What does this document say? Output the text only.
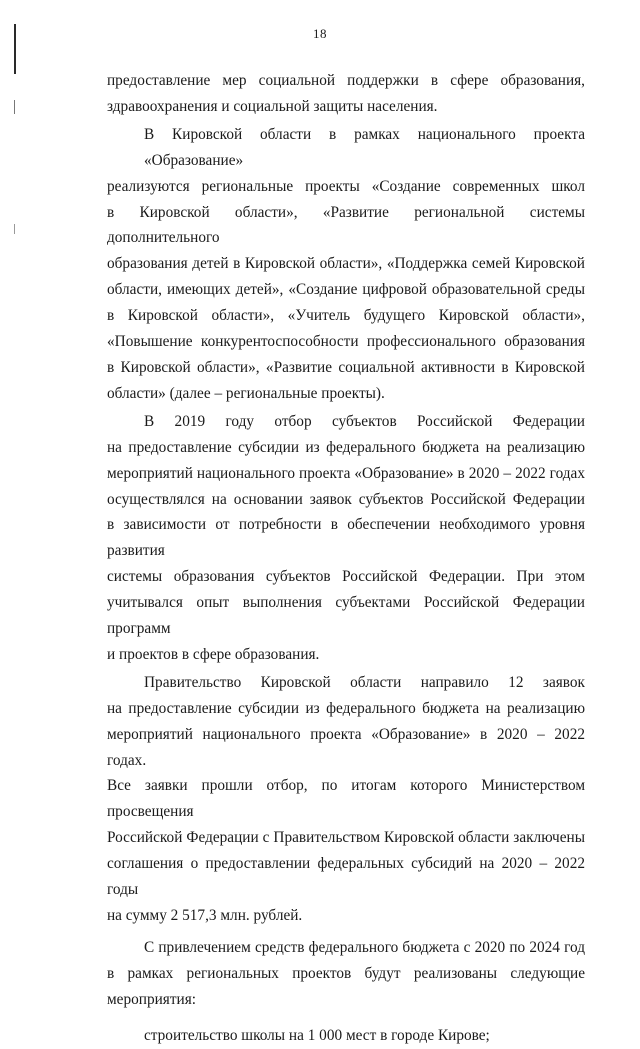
18

предоставление мер социальной поддержки в сфере образования,
здравоохранения и социальной защиты населения.

В Кировской области в рамках национального проекта «Образование»
реализуются региональные проекты «Создание современных школ
в Кировской области», «Развитие региональной системы дополнительного
образования детей в Кировской области», «Поддержка семей Кировской
области, имеющих детей», «Создание цифровой образовательной среды
в Кировской области», «Учитель будущего Кировской области»,
«Повышение конкурентоспособности профессионального образования
в Кировской области», «Развитие социальной активности в Кировской
области» (далее – региональные проекты).

В 2019 году отбор субъектов Российской Федерации
на предоставление субсидии из федерального бюджета на реализацию
мероприятий национального проекта «Образование» в 2020 – 2022 годах
осуществлялся на основании заявок субъектов Российской Федерации
в зависимости от потребности в обеспечении необходимого уровня развития
системы образования субъектов Российской Федерации. При этом
учитывался опыт выполнения субъектами Российской Федерации программ
и проектов в сфере образования.

Правительство Кировской области направило 12 заявок
на предоставление субсидии из федерального бюджета на реализацию
мероприятий национального проекта «Образование» в 2020 – 2022 годах.
Все заявки прошли отбор, по итогам которого Министерством просвещения
Российской Федерации с Правительством Кировской области заключены
соглашения о предоставлении федеральных субсидий на 2020 – 2022 годы
на сумму 2 517,3 млн. рублей.

С привлечением средств федерального бюджета с 2020 по 2024 год
в рамках региональных проектов будут реализованы следующие
мероприятия:

строительство школы на 1 000 мест в городе Кирове;
